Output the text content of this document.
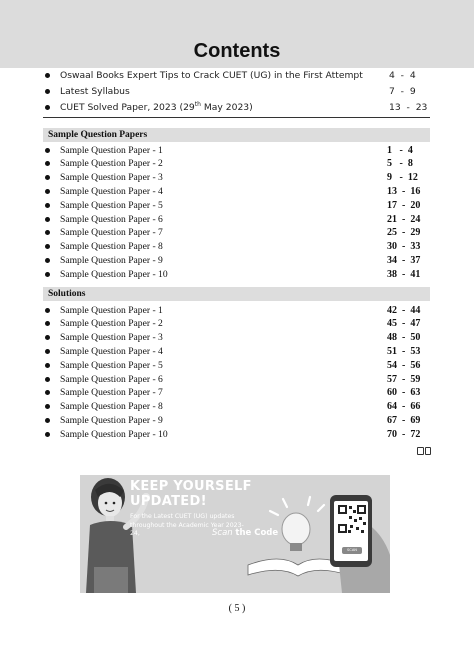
Contents
Oswaal Books Expert Tips to Crack CUET (UG) in the First Attempt	4  -  4
Latest Syllabus	7  -  9
CUET Solved Paper, 2023 (29th May 2023)	13  -  23
Sample Question Papers
Sample Question Paper - 1	1   -  4
Sample Question Paper - 2	5   -  8
Sample Question Paper - 3	9   -  12
Sample Question Paper - 4	13  -  16
Sample Question Paper - 5	17  -  20
Sample Question Paper - 6	21  -  24
Sample Question Paper - 7	25  -  29
Sample Question Paper - 8	30  -  33
Sample Question Paper - 9	34  -  37
Sample Question Paper - 10	38  -  41
Solutions
Sample Question Paper - 1	42  -  44
Sample Question Paper - 2	45  -  47
Sample Question Paper - 3	48  -  50
Sample Question Paper - 4	51  -  53
Sample Question Paper - 5	54  -  56
Sample Question Paper - 6	57  -  59
Sample Question Paper - 7	60  -  63
Sample Question Paper - 8	64  -  66
Sample Question Paper - 9	67  -  69
Sample Question Paper - 10	70  -  72
KEEP YOURSELF
UPDATED!
For the Latest CUET (UG) updates throughout the Academic Year 2023-24,	Scan the Code
SCAN
( 5 )
